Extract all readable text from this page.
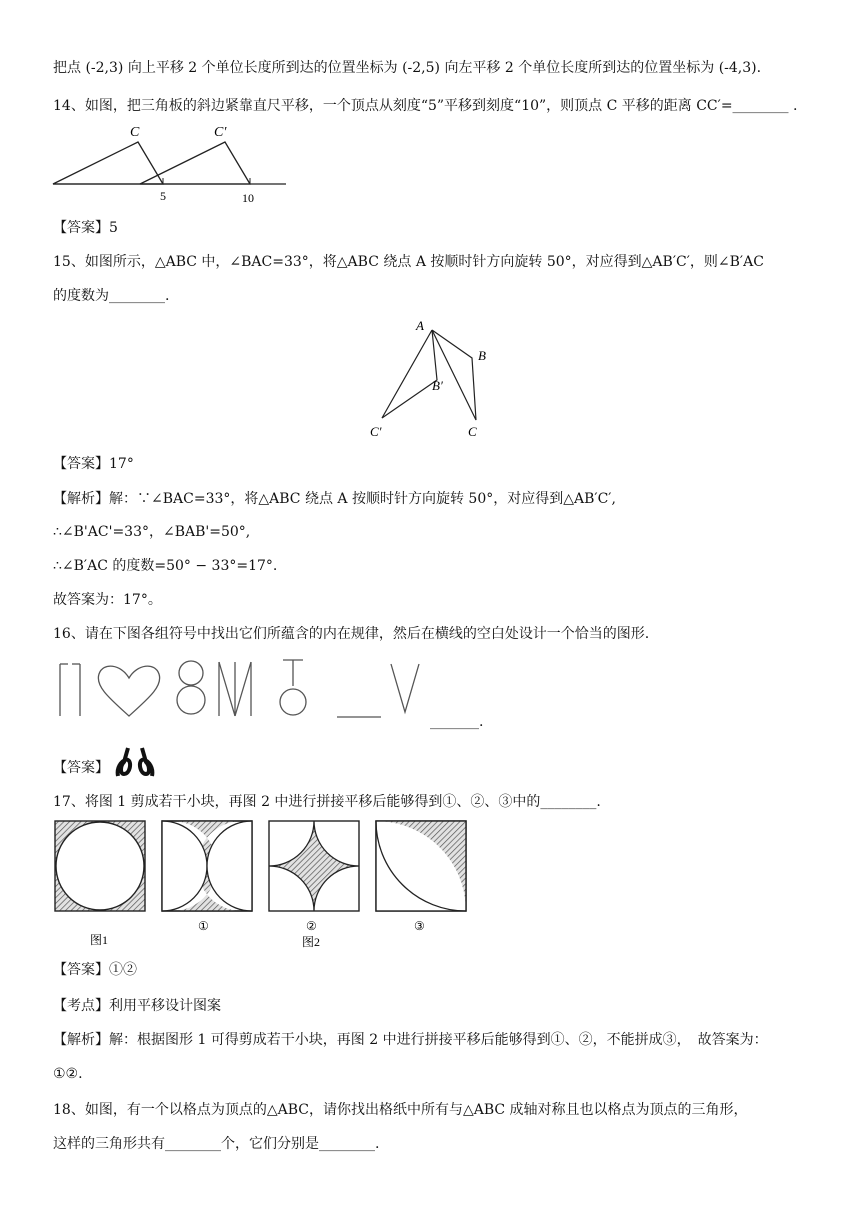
把点 (-2,3) 向上平移 2 个单位长度所到达的位置坐标为 (-2,5) 向左平移 2 个单位长度所到达的位置坐标为 (-4,3).
14、如图，把三角板的斜边紧靠直尺平移，一个顶点从刻度“5”平移到刻度“10”，则顶点 C 平移的距离 CC′=________ .
C	C′
5	10
【答案】5
15、如图所示，△ABC 中，∠BAC=33°，将△ABC 绕点 A 按顺时针方向旋转 50°，对应得到△AB′C′，则∠B′AC
的度数为________.
A
B
B′
C
C′
【答案】17°
【解析】解：∵∠BAC=33°，将△ABC 绕点 A 按顺时针方向旋转 50°，对应得到△AB′C′,
∴∠B'AC'=33°，∠BAB'=50°,
∴∠B′AC 的度数=50° − 33°=17°.
故答案为：17°。
16、请在下图各组符号中找出它们所蕴含的内在规律，然后在横线的空白处设计一个恰当的图形.
_______.
【答案】
17、将图 1 剪成若干小块，再图 2 中进行拼接平移后能够得到①、②、③中的________.
图1
①	②	③
图2
【答案】①②
【考点】利用平移设计图案
【解析】解：根据图形 1 可得剪成若干小块，再图 2 中进行拼接平移后能够得到①、②，不能拼成③，　故答案为：
①②.
18、如图，有一个以格点为顶点的△ABC，请你找出格纸中所有与△ABC 成轴对称且也以格点为顶点的三角形，
这样的三角形共有________个，它们分别是________.
